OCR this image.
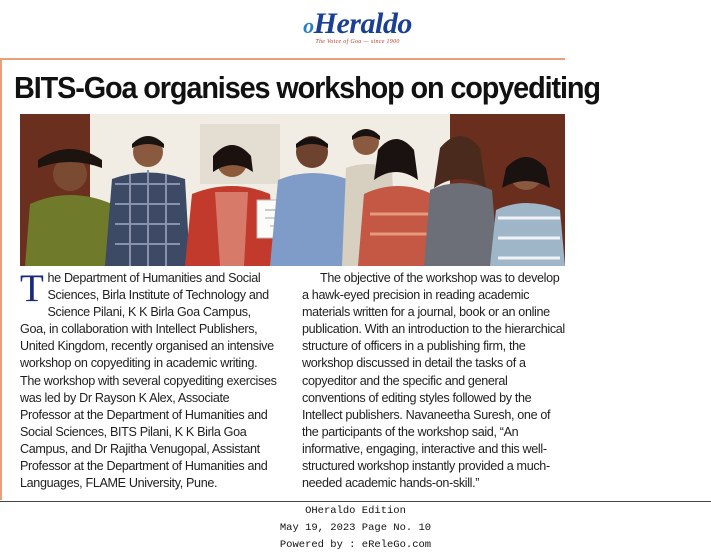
oHeraldo
The Voice of Goa — since 1900
BITS-Goa organises workshop on copyediting
The Department of Humanities and Social Sciences, Birla Institute of Technology and Science Pilani, K K Birla Goa Campus, Goa, in collaboration with Intellect Publishers, United Kingdom, recently organised an intensive workshop on copyediting in academic writing. The workshop with several copyediting exercises was led by Dr Rayson K Alex, Associate Professor at the Department of Humanities and Social Sciences, BITS Pilani, K K Birla Goa Campus, and Dr Rajitha Venugopal, Assistant Professor at the Department of Humanities and Languages, FLAME University, Pune.
The objective of the workshop was to develop a hawk-eyed precision in reading academic materials written for a journal, book or an online publication. With an introduction to the hierarchical structure of officers in a publishing firm, the workshop discussed in detail the tasks of a copyeditor and the specific and general conventions of editing styles followed by the Intellect publishers. Navaneetha Suresh, one of the participants of the workshop said, “An informative, engaging, interactive and this well-structured workshop instantly provided a much-needed academic hands-on-skill.”
OHeraldo Edition
May 19, 2023 Page No. 10
Powered by : eReleGo.com
